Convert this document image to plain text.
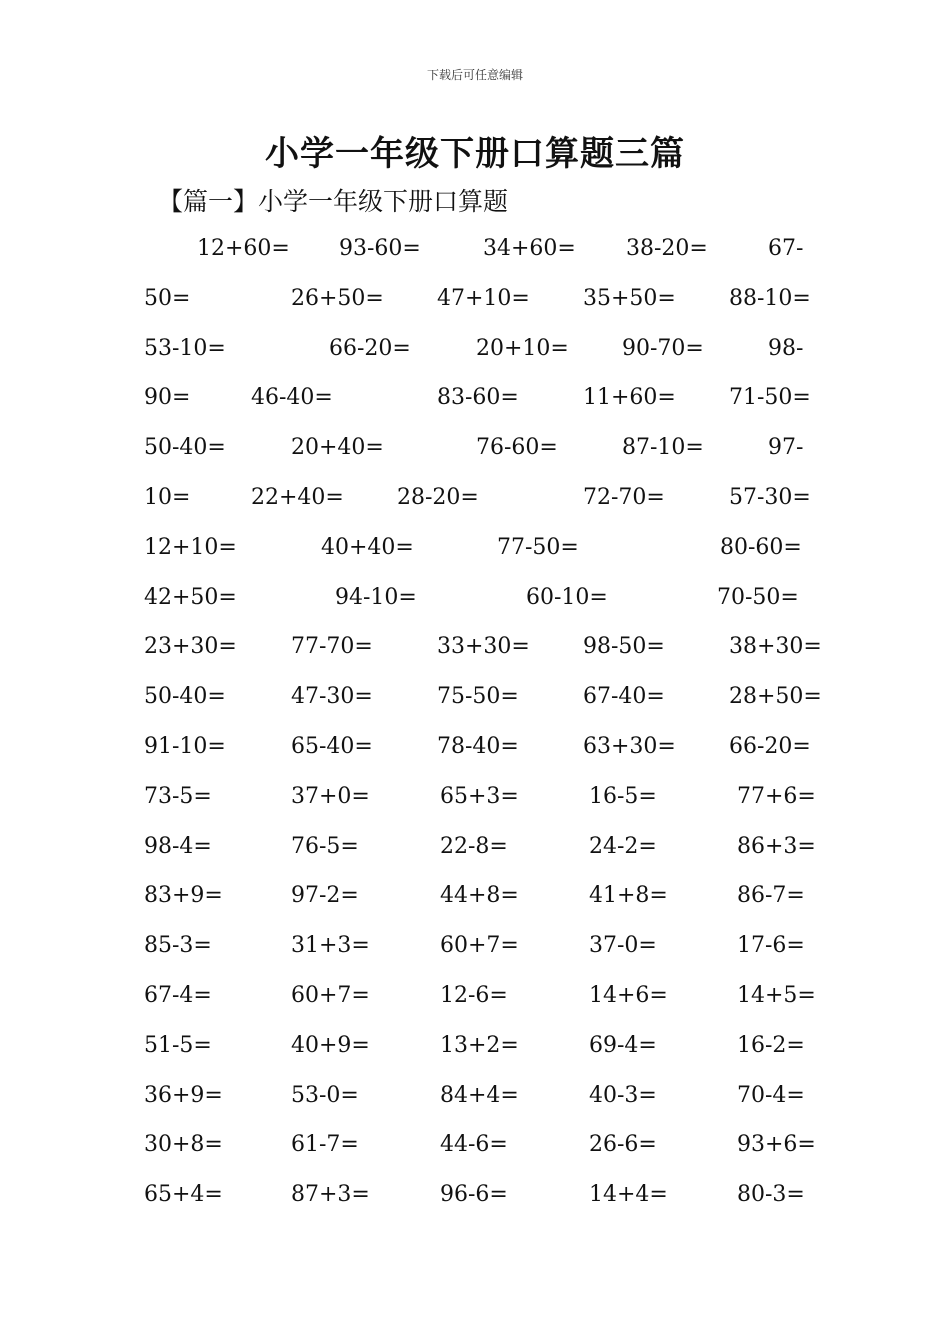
下载后可任意编辑
小学一年级下册口算题三篇
【篇一】小学一年级下册口算题
12+60= 93-60=	34+60= 38-20=	67-
50=	26+50= 47+10= 35+50= 88-10=
53-10=	66-20=	20+10= 90-70=	98-
90=	46-40=	83-60=	11+60= 71-50=
50-40=	20+40=	76-60=	87-10=	97-
10=	22+40= 28-20=	72-70=	57-30=
12+10=	40+40=	77-50=	80-60=
42+50=	94-10=	60-10=	70-50=
23+30= 77-70=	33+30= 98-50=	38+30=
50-40=	47-30=	75-50=	67-40=	28+50=
91-10=	65-40=	78-40=	63+30= 66-20=
73-5=	37+0=	65+3=	16-5=	77+6=
98-4=	76-5=	22-8=	24-2=	86+3=
83+9=	97-2=	44+8=	41+8=	86-7=
85-3=	31+3=	60+7=	37-0=	17-6=
67-4=	60+7=	12-6=	14+6=	14+5=
51-5=	40+9=	13+2=	69-4=	16-2=
36+9=	53-0=	84+4=	40-3=	70-4=
30+8=	61-7=	44-6=	26-6=	93+6=
65+4=	87+3=	96-6=	14+4=	80-3=
